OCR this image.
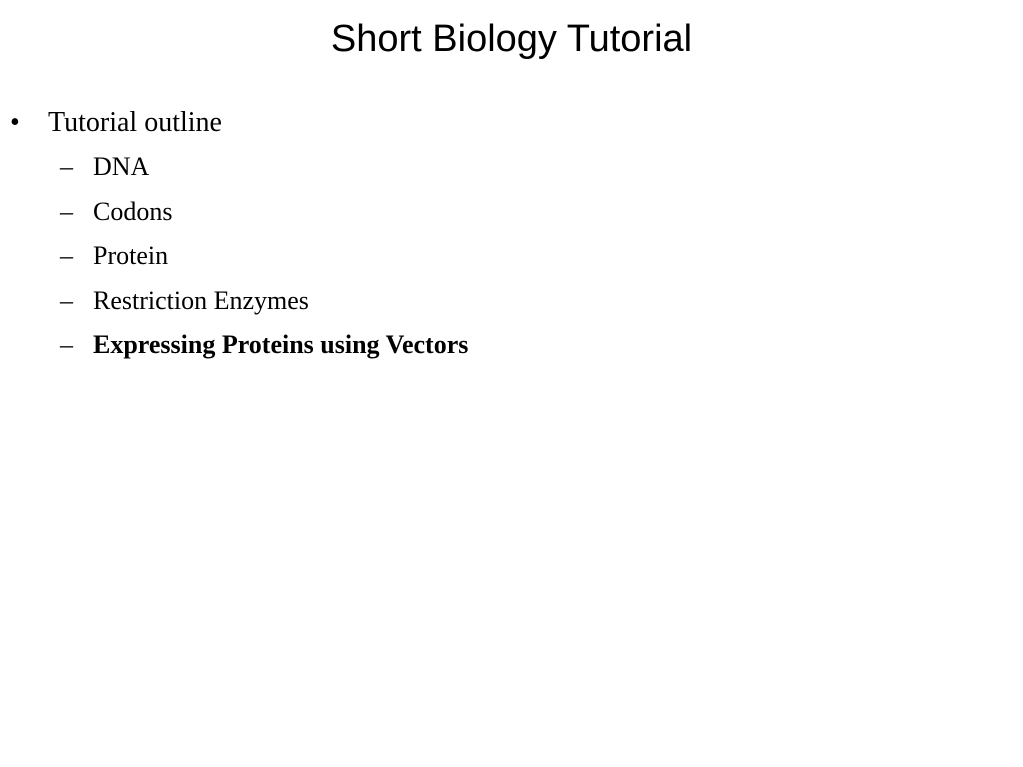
Short Biology Tutorial
• Tutorial outline
– DNA
– Codons
– Protein
– Restriction Enzymes
– Expressing Proteins using Vectors
